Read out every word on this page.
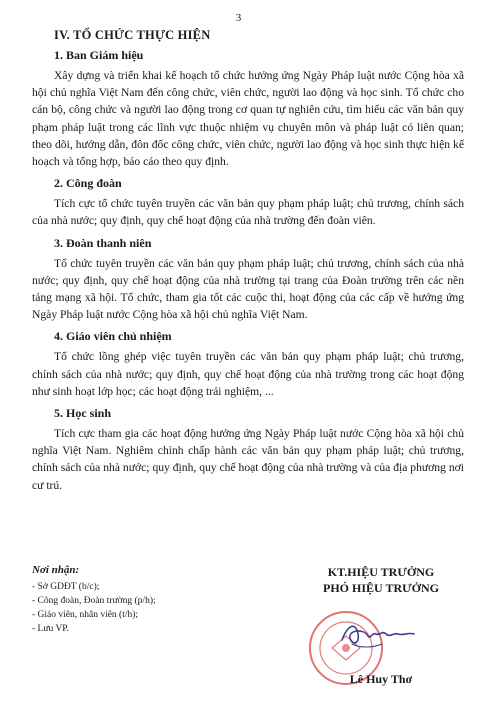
3
IV. TỔ CHỨC THỰC HIỆN
1. Ban Giám hiệu

Xây dựng và triển khai kế hoạch tổ chức hưởng ứng Ngày Pháp luật nước Cộng hòa xã hội chủ nghĩa Việt Nam đến công chức, viên chức, người lao động và học sinh. Tổ chức cho cán bộ, công chức và người lao động trong cơ quan tự nghiên cứu, tìm hiểu các văn bản quy phạm pháp luật trong các lĩnh vực thuộc nhiệm vụ chuyên môn và pháp luật có liên quan; theo dõi, hướng dẫn, đôn đốc công chức, viên chức, người lao động và học sinh thực hiện kế hoạch và tổng hợp, báo cáo theo quy định.

2. Công đoàn

Tích cực tổ chức tuyên truyền các văn bản quy phạm pháp luật; chủ trương, chính sách của nhà nước; quy định, quy chế hoạt động của nhà trường đến đoàn viên.

3. Đoàn thanh niên

Tổ chức tuyên truyền các văn bản quy phạm pháp luật; chủ trương, chính sách của nhà nước; quy định, quy chế hoạt động của nhà trường tại trang của Đoàn trường trên các nền tảng mạng xã hội. Tổ chức, tham gia tốt các cuộc thi, hoạt động của các cấp về hưởng ứng Ngày Pháp luật nước Cộng hòa xã hội chủ nghĩa Việt Nam.

4. Giáo viên chủ nhiệm

Tổ chức lồng ghép việc tuyên truyền các văn bản quy phạm pháp luật; chủ trương, chính sách của nhà nước; quy định, quy chế hoạt động của nhà trường trong các hoạt động như sinh hoạt lớp học; các hoạt động trải nghiệm, ...

5. Học sinh

Tích cực tham gia các hoạt động hưởng ứng Ngày Pháp luật nước Cộng hòa xã hội chủ nghĩa Việt Nam. Nghiêm chỉnh chấp hành các văn bản quy phạm pháp luật; chủ trương, chính sách của nhà nước; quy định, quy chế hoạt động của nhà trường và của địa phương nơi cư trú.

Nơi nhận:
- Sở GDĐT (b/c);
- Công đoàn, Đoàn trường (p/h);
- Giáo viên, nhân viên (t/h);
- Lưu VP.
KT.HIỆU TRƯỞNG
PHÓ HIỆU TRƯỞNG
Lê Huy Thơ
